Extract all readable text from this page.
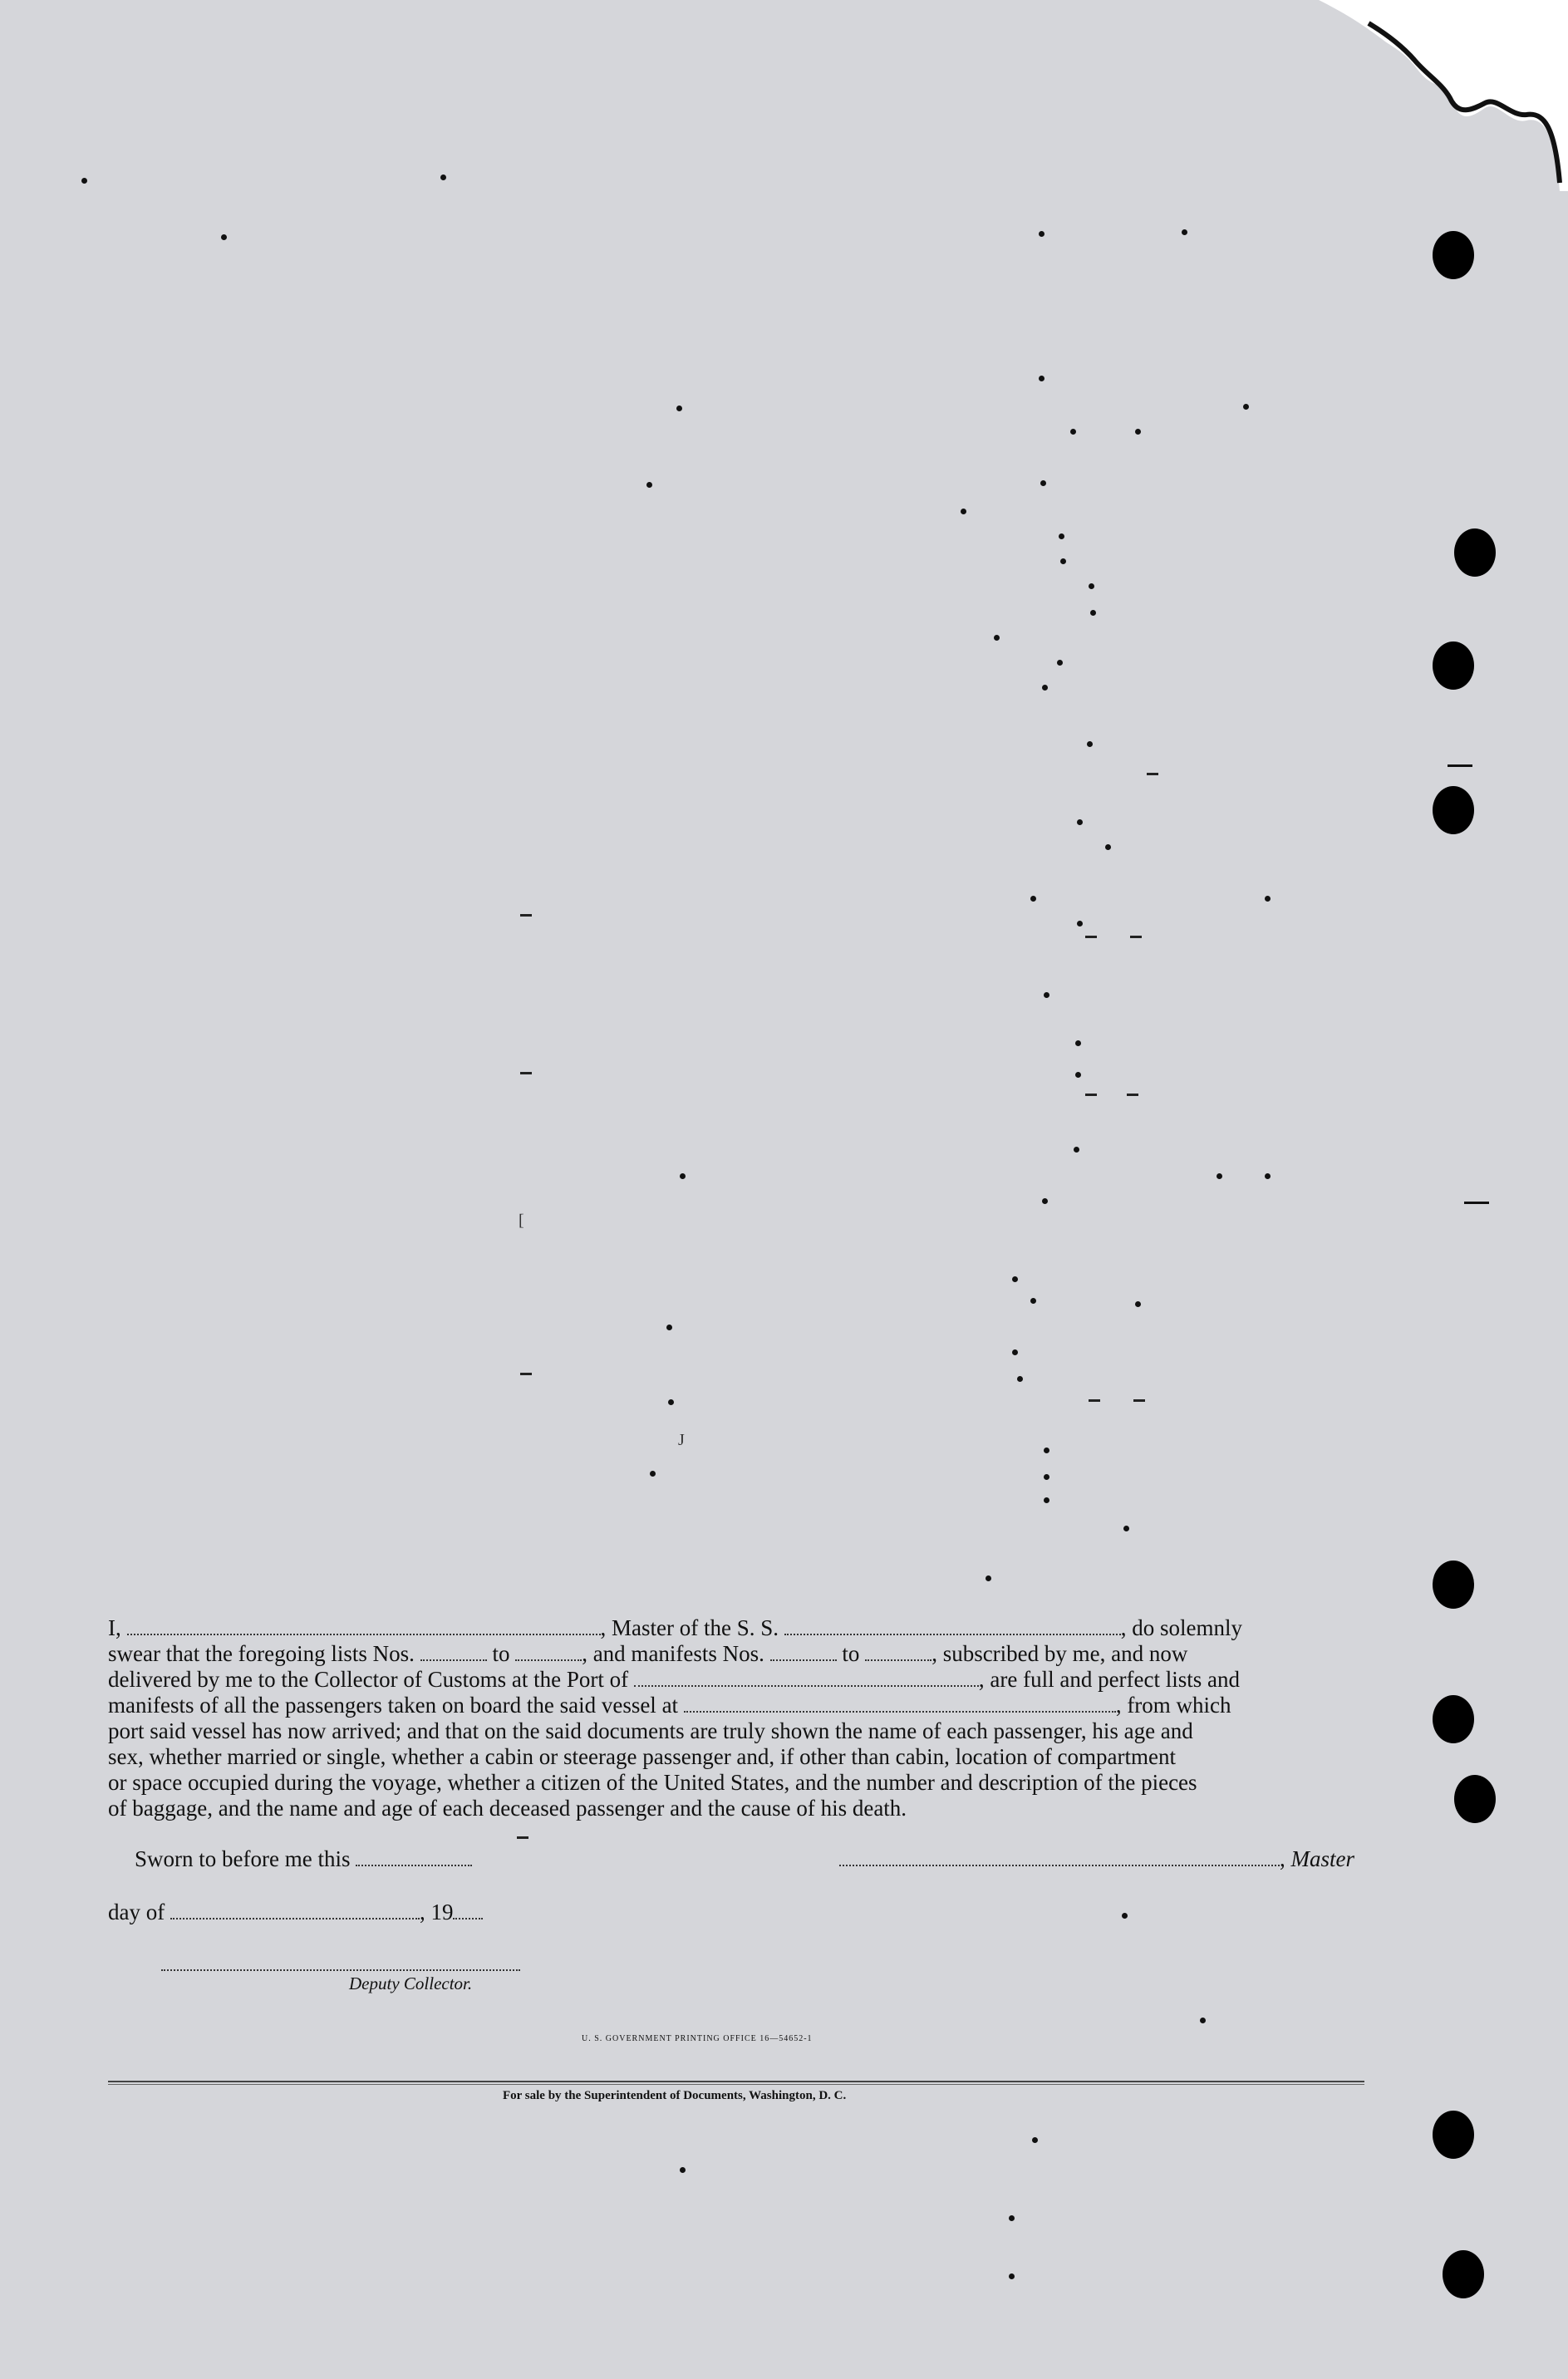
[
J
I,	, Master of the S. S.	, do solemnly
swear that the foregoing lists Nos.	to	, and manifests Nos.	to	, subscribed by me, and now
delivered by me to the Collector of Customs at the Port of	, are full and perfect lists and
manifests of all the passengers taken on board the said vessel at	, from which
port said vessel has now arrived; and that on the said documents are truly shown the name of each passenger, his age and
sex, whether married or single, whether a cabin or steerage passenger and, if other than cabin, location of compartment
or space occupied during the voyage, whether a citizen of the United States, and the number and description of the pieces
of baggage, and the name and age of each deceased passenger and the cause of his death.
Sworn to before me this	, Master
day of	, 19
Deputy Collector.
U. S. GOVERNMENT PRINTING OFFICE 16—54652-1
For sale by the Superintendent of Documents, Washington, D. C.
